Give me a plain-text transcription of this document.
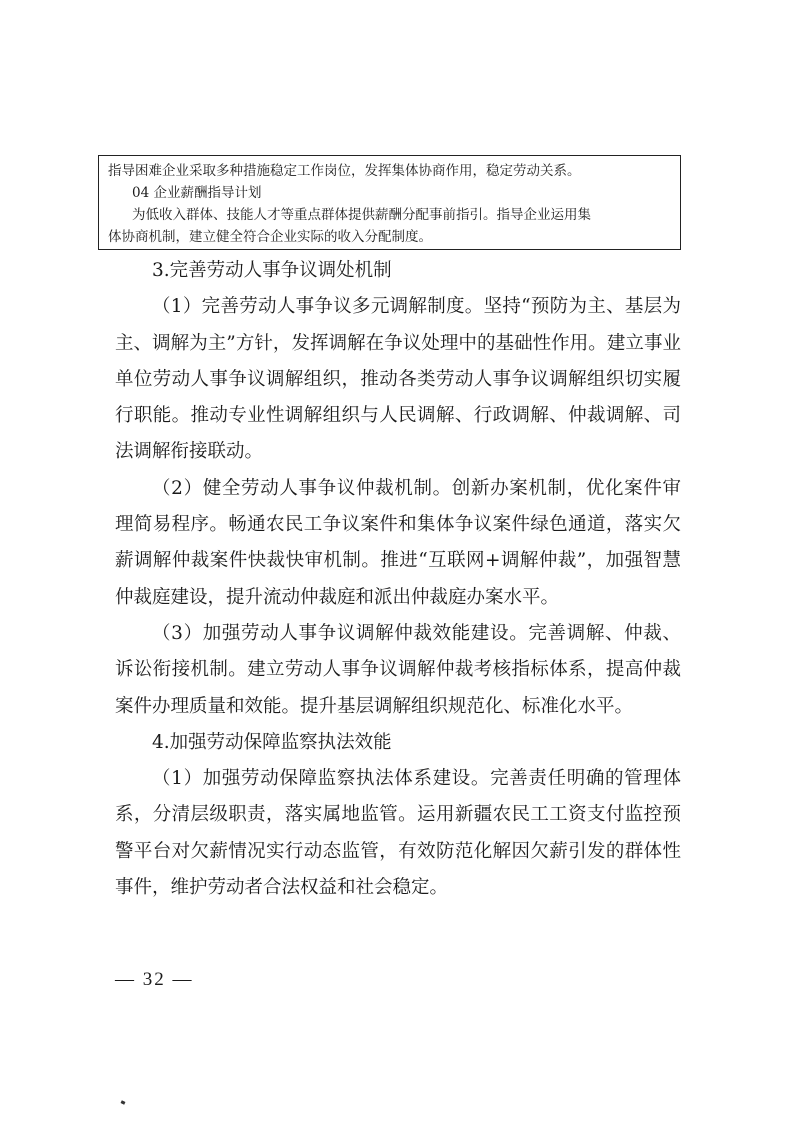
指导困难企业采取多种措施稳定工作岗位，发挥集体协商作用，稳定劳动关系。
04 企业薪酬指导计划
为低收入群体、技能人才等重点群体提供薪酬分配事前指引。指导企业运用集
体协商机制，建立健全符合企业实际的收入分配制度。
3.完善劳动人事争议调处机制

（1）完善劳动人事争议多元调解制度。坚持“预防为主、基层为主、调解为主”方针，发挥调解在争议处理中的基础性作用。建立事业单位劳动人事争议调解组织，推动各类劳动人事争议调解组织切实履行职能。推动专业性调解组织与人民调解、行政调解、仲裁调解、司法调解衔接联动。

（2）健全劳动人事争议仲裁机制。创新办案机制，优化案件审理简易程序。畅通农民工争议案件和集体争议案件绿色通道，落实欠薪调解仲裁案件快裁快审机制。推进“互联网+调解仲裁”，加强智慧仲裁庭建设，提升流动仲裁庭和派出仲裁庭办案水平。

（3）加强劳动人事争议调解仲裁效能建设。完善调解、仲裁、诉讼衔接机制。建立劳动人事争议调解仲裁考核指标体系，提高仲裁案件办理质量和效能。提升基层调解组织规范化、标准化水平。

4.加强劳动保障监察执法效能

（1）加强劳动保障监察执法体系建设。完善责任明确的管理体系，分清层级职责，落实属地监管。运用新疆农民工工资支付监控预警平台对欠薪情况实行动态监管，有效防范化解因欠薪引发的群体性事件，维护劳动者合法权益和社会稳定。

— 32 —
